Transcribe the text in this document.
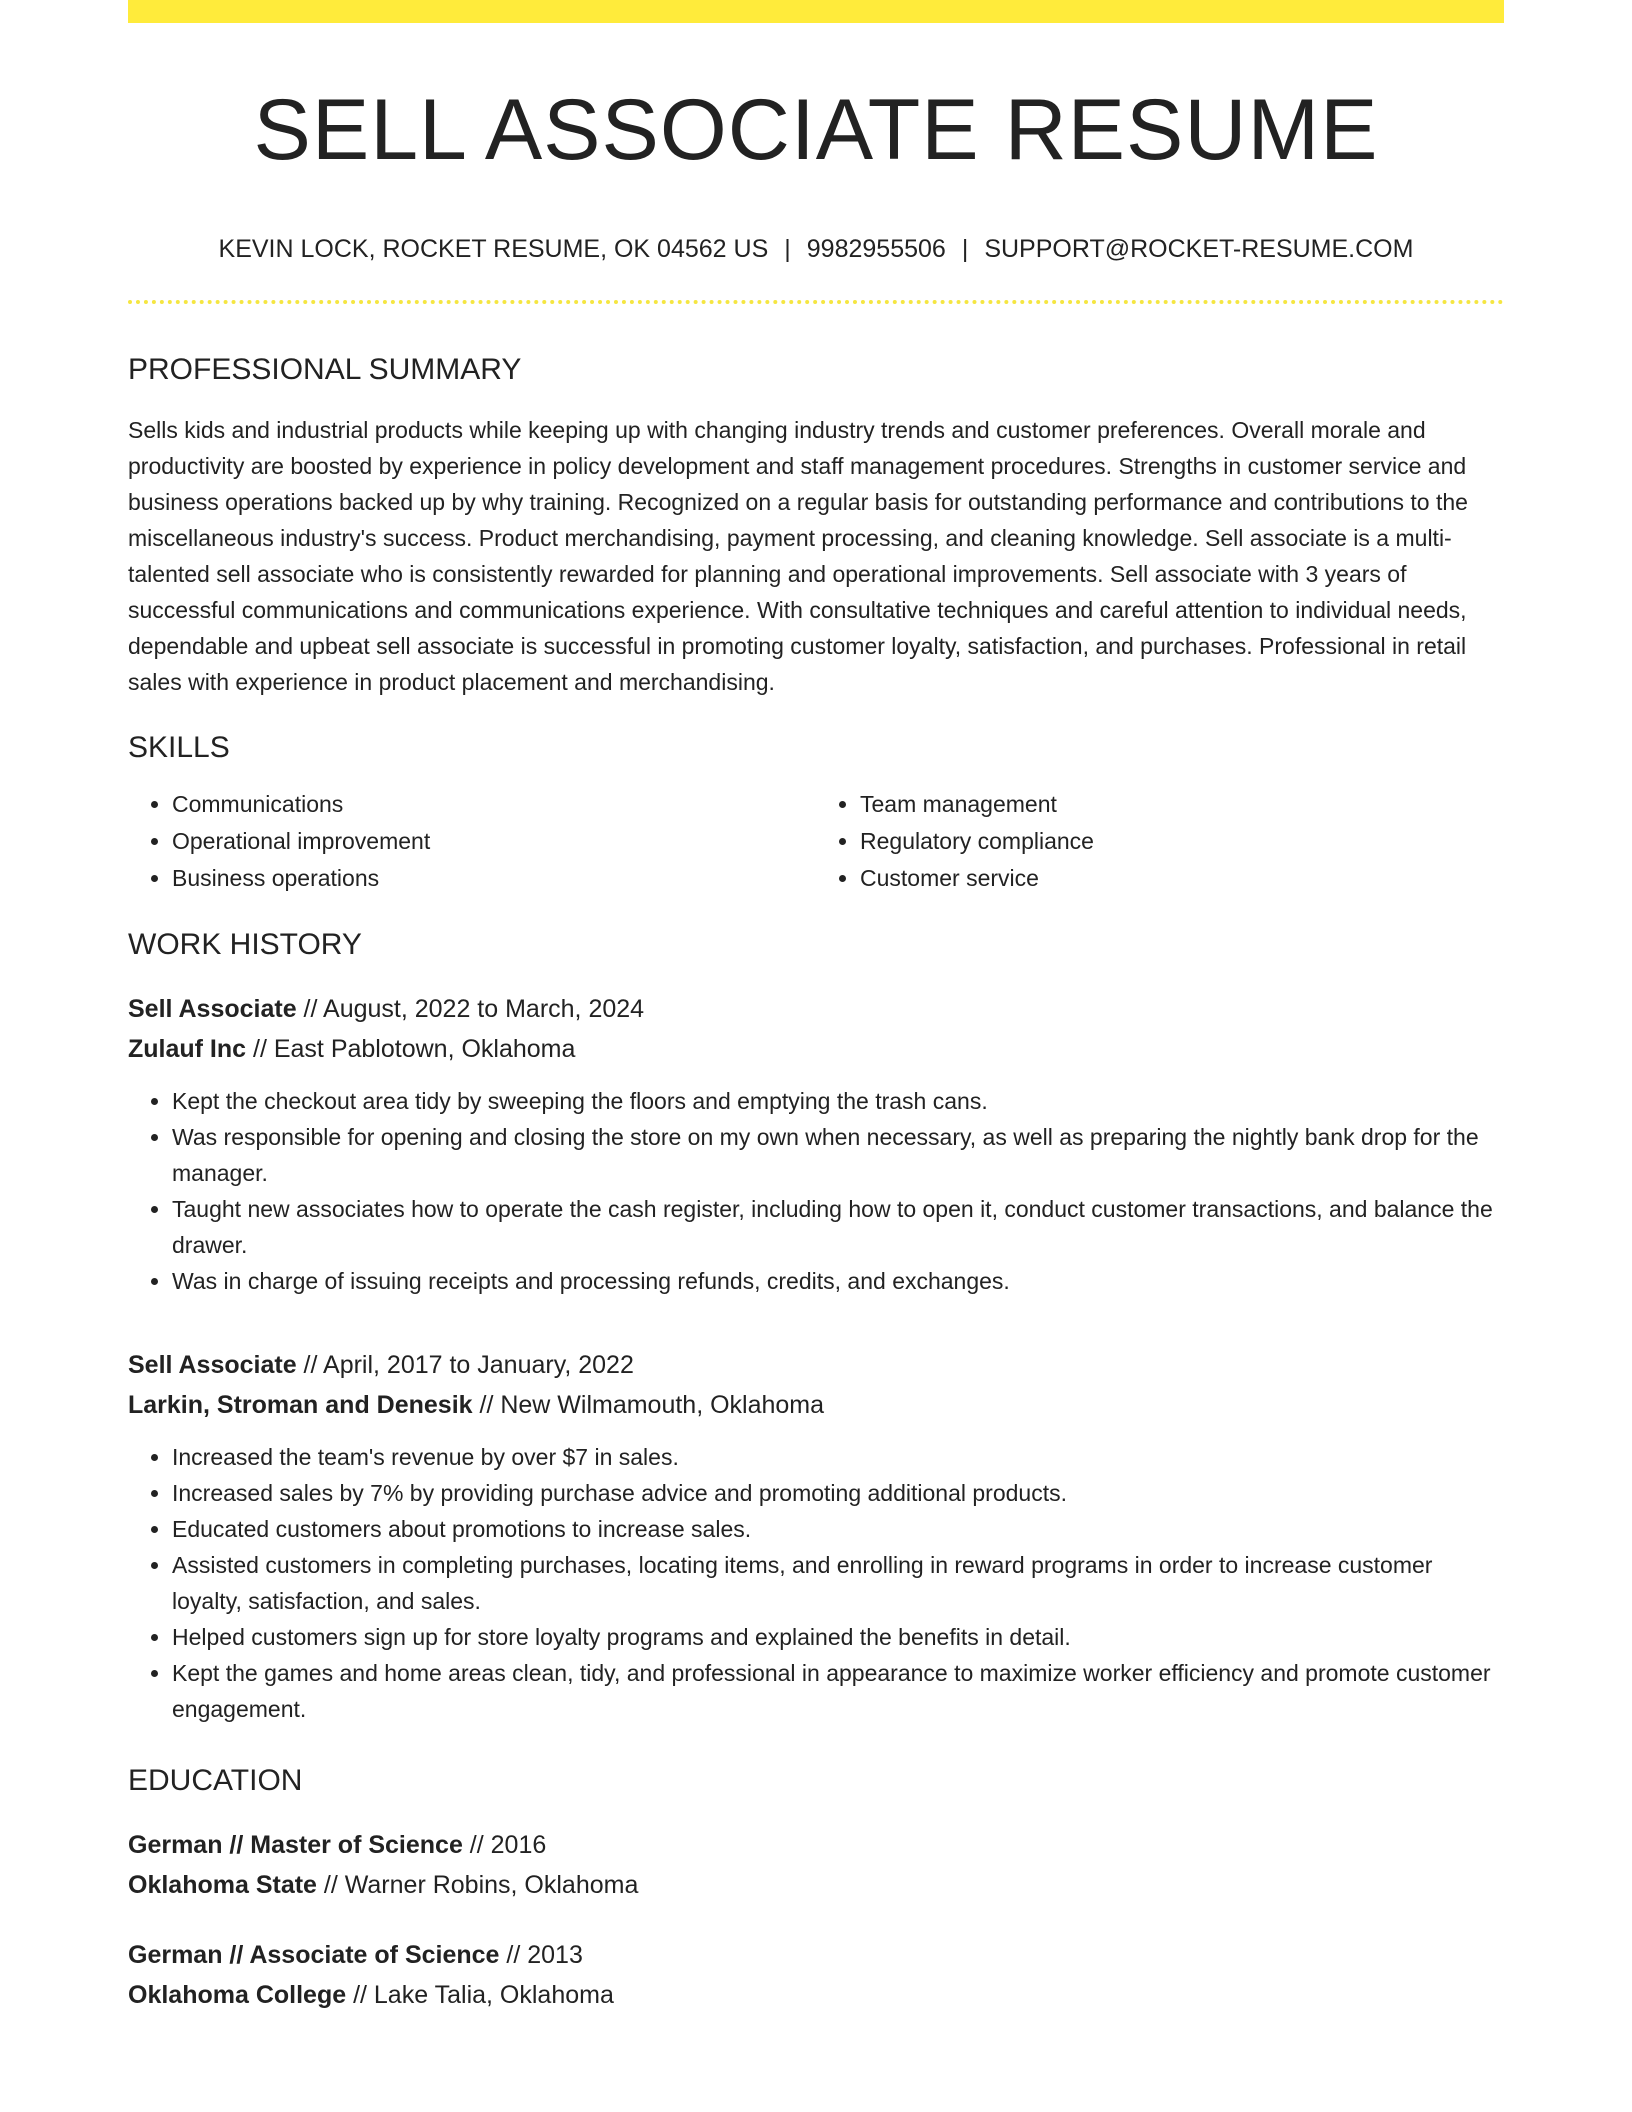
SELL ASSOCIATE RESUME
KEVIN LOCK, ROCKET RESUME, OK 04562 US | 9982955506 | SUPPORT@ROCKET-RESUME.COM
PROFESSIONAL SUMMARY

Sells kids and industrial products while keeping up with changing industry trends and customer preferences. Overall morale and productivity are boosted by experience in policy development and staff management procedures. Strengths in customer service and business operations backed up by why training. Recognized on a regular basis for outstanding performance and contributions to the miscellaneous industry's success. Product merchandising, payment processing, and cleaning knowledge. Sell associate is a multi-talented sell associate who is consistently rewarded for planning and operational improvements. Sell associate with 3 years of successful communications and communications experience. With consultative techniques and careful attention to individual needs, dependable and upbeat sell associate is successful in promoting customer loyalty, satisfaction, and purchases. Professional in retail sales with experience in product placement and merchandising.

SKILLS
• Communications
• Operational improvement
• Business operations
• Team management
• Regulatory compliance
• Customer service
WORK HISTORY

Sell Associate // August, 2022 to March, 2024

Zulauf Inc // East Pablotown, Oklahoma

• Kept the checkout area tidy by sweeping the floors and emptying the trash cans.
• Was responsible for opening and closing the store on my own when necessary, as well as preparing the nightly bank drop for the manager.
• Taught new associates how to operate the cash register, including how to open it, conduct customer transactions, and balance the drawer.
• Was in charge of issuing receipts and processing refunds, credits, and exchanges.

Sell Associate // April, 2017 to January, 2022

Larkin, Stroman and Denesik // New Wilmamouth, Oklahoma

• Increased the team's revenue by over $7 in sales.
• Increased sales by 7% by providing purchase advice and promoting additional products.
• Educated customers about promotions to increase sales.
• Assisted customers in completing purchases, locating items, and enrolling in reward programs in order to increase customer loyalty, satisfaction, and sales.
• Helped customers sign up for store loyalty programs and explained the benefits in detail.
• Kept the games and home areas clean, tidy, and professional in appearance to maximize worker efficiency and promote customer engagement.
EDUCATION

German // Master of Science // 2016

Oklahoma State // Warner Robins, Oklahoma

German // Associate of Science // 2013

Oklahoma College // Lake Talia, Oklahoma
